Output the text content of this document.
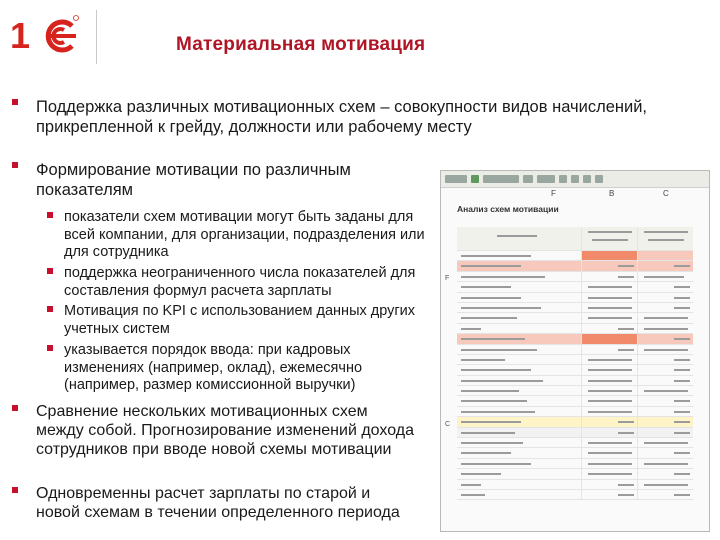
1	Материальная мотивация
Поддержка различных мотивационных схем – совокупности видов начислений, прикрепленной к грейду, должности или рабочему месту
Формирование мотивации по различным показателям
показатели схем мотивации могут быть заданы для всей компании, для организации, подразделения или для сотрудника
поддержка неограниченного числа показателей для составления формул расчета зарплаты
Мотивация по KPI с использованием данных других учетных систем
указывается порядок ввода: при кадровых изменениях (например, оклад), ежемесячно (например, размер комиссионной выручки)
Сравнение нескольких мотивационных схем между собой. Прогнозирование изменений дохода сотрудников при вводе новой схемы мотивации
Одновременны расчет зарплаты по старой и новой схемам в течении определенного периода
F	B	C
Анализ схем мотивации

F
C
